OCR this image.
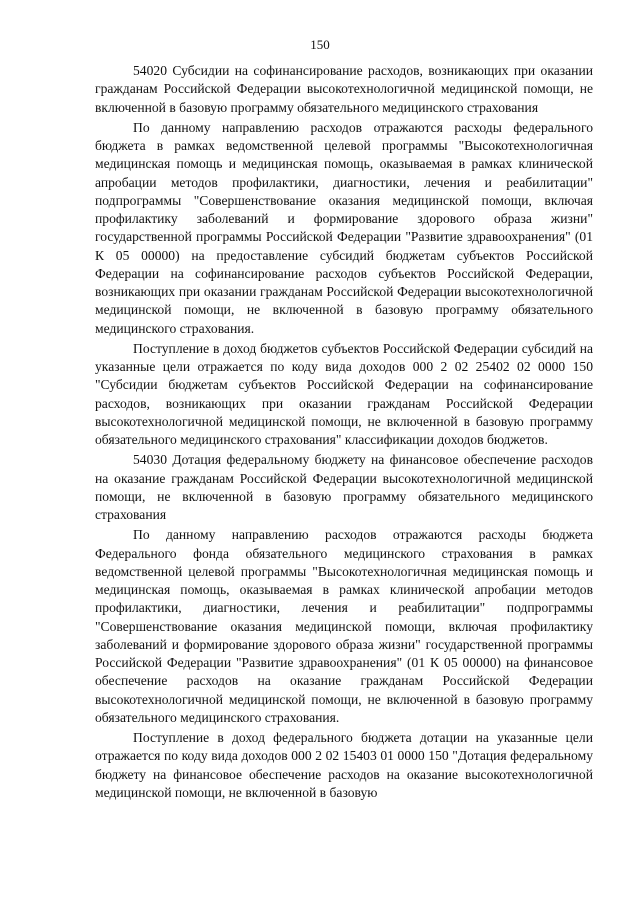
150

54020 Субсидии на софинансирование расходов, возникающих при оказании гражданам Российской Федерации высокотехнологичной медицинской помощи, не включенной в базовую программу обязательного медицинского страхования

По данному направлению расходов отражаются расходы федерального бюджета в рамках ведомственной целевой программы "Высокотехнологичная медицинская помощь и медицинская помощь, оказываемая в рамках клинической апробации методов профилактики, диагностики, лечения и реабилитации" подпрограммы "Совершенствование оказания медицинской помощи, включая профилактику заболеваний и формирование здорового образа жизни" государственной программы Российской Федерации "Развитие здравоохранения" (01 К 05 00000) на предоставление субсидий бюджетам субъектов Российской Федерации на софинансирование расходов субъектов Российской Федерации, возникающих при оказании гражданам Российской Федерации высокотехнологичной медицинской помощи, не включенной в базовую программу обязательного медицинского страхования.

Поступление в доход бюджетов субъектов Российской Федерации субсидий на указанные цели отражается по коду вида доходов 000 2 02 25402 02 0000 150 "Субсидии бюджетам субъектов Российской Федерации на софинансирование расходов, возникающих при оказании гражданам Российской Федерации высокотехнологичной медицинской помощи, не включенной в базовую программу обязательного медицинского страхования" классификации доходов бюджетов.

54030 Дотация федеральному бюджету на финансовое обеспечение расходов на оказание гражданам Российской Федерации высокотехнологичной медицинской помощи, не включенной в базовую программу обязательного медицинского страхования

По данному направлению расходов отражаются расходы бюджета Федерального фонда обязательного медицинского страхования в рамках ведомственной целевой программы "Высокотехнологичная медицинская помощь и медицинская помощь, оказываемая в рамках клинической апробации методов профилактики, диагностики, лечения и реабилитации" подпрограммы "Совершенствование оказания медицинской помощи, включая профилактику заболеваний и формирование здорового образа жизни" государственной программы Российской Федерации "Развитие здравоохранения" (01 К 05 00000) на финансовое обеспечение расходов на оказание гражданам Российской Федерации высокотехнологичной медицинской помощи, не включенной в базовую программу обязательного медицинского страхования.

Поступление в доход федерального бюджета дотации на указанные цели отражается по коду вида доходов 000 2 02 15403 01 0000 150 "Дотация федеральному бюджету на финансовое обеспечение расходов на оказание высокотехнологичной медицинской помощи, не включенной в базовую
